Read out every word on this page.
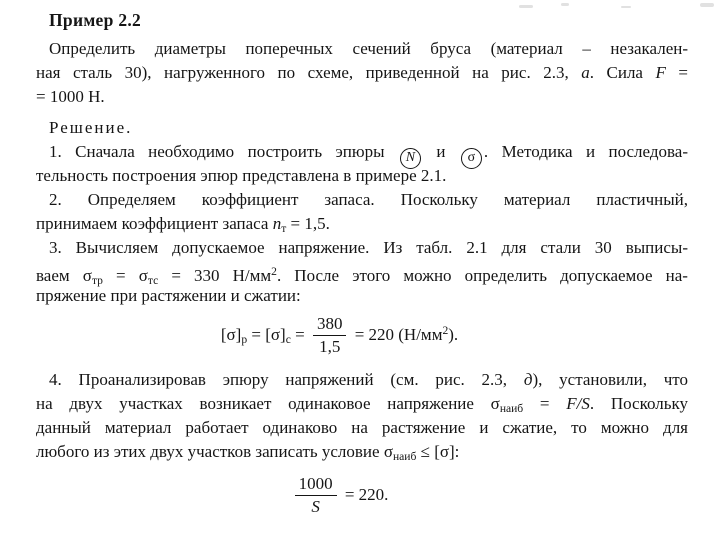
Пример 2.2
Определить диаметры поперечных сечений бруса (материал – незакален-
ная сталь 30), нагруженного по схеме, приведенной на рис. 2.3, а. Сила F =
= 1000 Н.
Решение.
1. Сначала необходимо построить эпюры N и σ . Методика и последова-
тельность построения эпюр представлена в примере 2.1.
2. Определяем коэффициент запаса. Поскольку материал пластичный,
принимаем коэффициент запаса nт = 1,5.
3. Вычисляем допускаемое напряжение. Из табл. 2.1 для стали 30 выписы-
ваем σтр = σтс = 330 $Н/мм^2$. После этого можно определить допускаемое на-
пряжение при растяжении и сжатии:
$[\sigma]р = [\sigma]с = \frac{380}{1,5} = 220$ $(Н/мм^2)$.
4. Проанализировав эпюру напряжений (см. рис. 2.3, д), установили, что
на двух участках возникает одинаковое напряжение σнаиб = F/S. Поскольку
данный материал работает одинаково на растяжение и сжатие, то можно для
любого из этих двух участков записать условие σнаиб ≤ [σ]:
$\frac{1000}{S} = 220$.
